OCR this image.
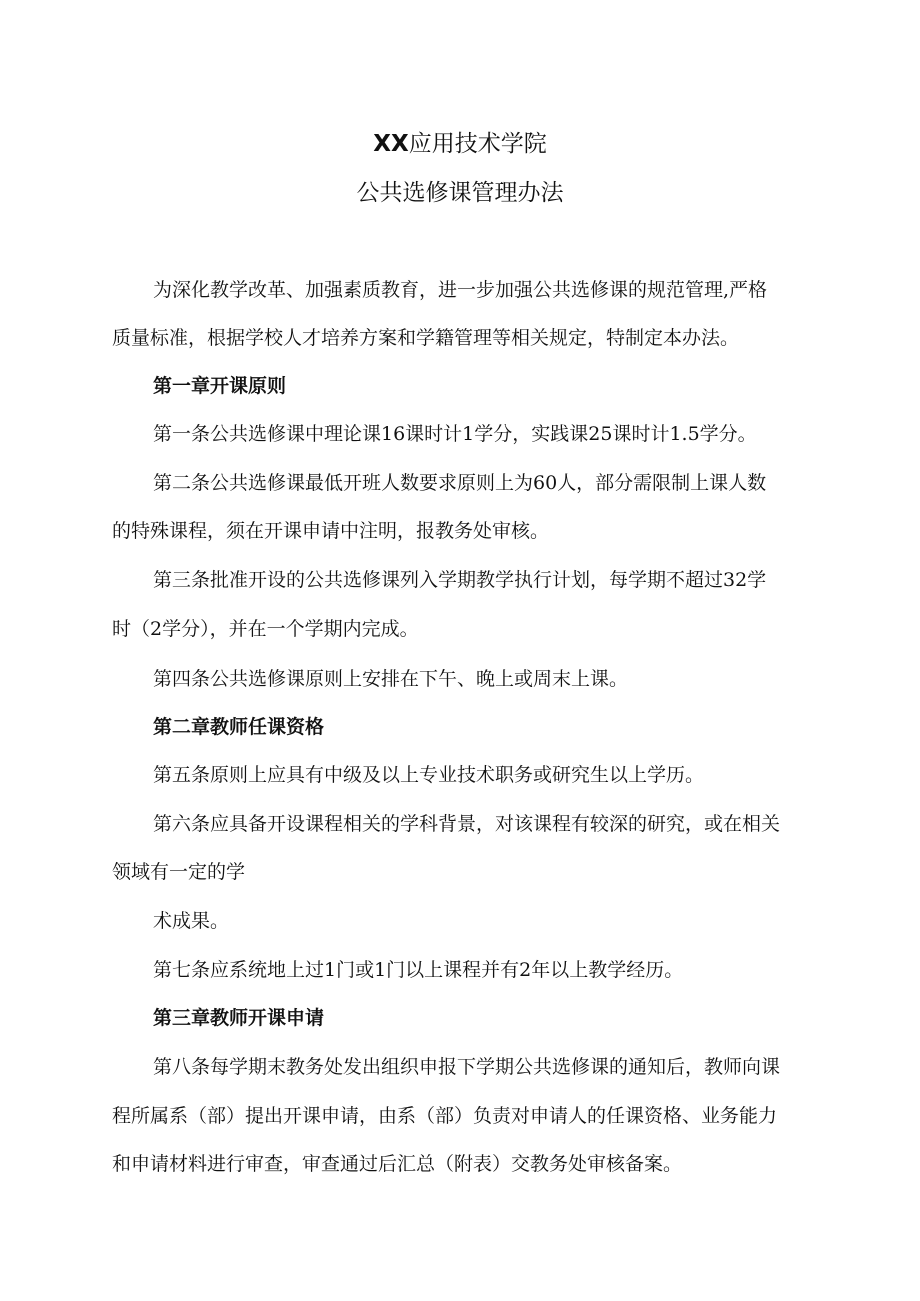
XX应用技术学院
公共选修课管理办法

为深化教学改革、加强素质教育，进一步加强公共选修课的规范管理,严格

质量标准，根据学校人才培养方案和学籍管理等相关规定，特制定本办法。

第一章开课原则

第一条公共选修课中理论课16课时计1学分，实践课25课时计1.5学分。

第二条公共选修课最低开班人数要求原则上为60人，部分需限制上课人数

的特殊课程，须在开课申请中注明，报教务处审核。

第三条批准开设的公共选修课列入学期教学执行计划，每学期不超过32学

时（2学分），并在一个学期内完成。

第四条公共选修课原则上安排在下午、晚上或周末上课。

第二章教师任课资格

第五条原则上应具有中级及以上专业技术职务或研究生以上学历。

第六条应具备开设课程相关的学科背景，对该课程有较深的研究，或在相关

领域有一定的学

术成果。

第七条应系统地上过1门或1门以上课程并有2年以上教学经历。

第三章教师开课申请

第八条每学期末教务处发出组织申报下学期公共选修课的通知后，教师向课

程所属系（部）提出开课申请，由系（部）负责对申请人的任课资格、业务能力

和申请材料进行审查，审查通过后汇总（附表）交教务处审核备案。
